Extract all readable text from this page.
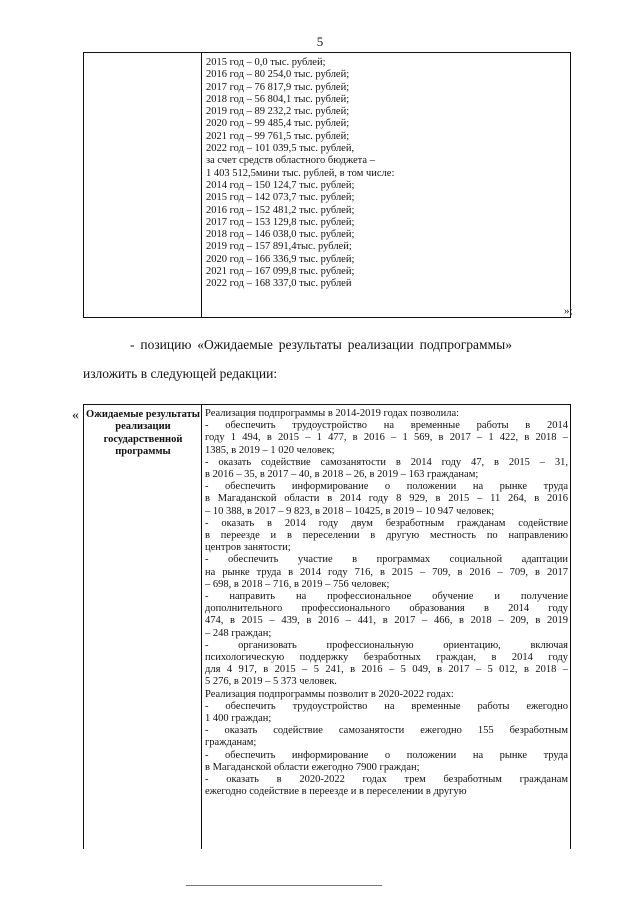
5
2015 год – 0,0 тыс. рублей;
2016 год – 80 254,0 тыс. рублей;
2017 год – 76 817,9 тыс. рублей;
2018 год – 56 804,1 тыс. рублей;
2019 год – 89 232,2 тыс. рублей;
2020 год – 99 485,4 тыс. рублей;
2021 год – 99 761,5 тыс. рублей;
2022 год – 101 039,5 тыс. рублей,
за счет средств областного бюджета –
1 403 512,5мини тыс. рублей, в том числе:
2014 год – 150 124,7 тыс. рублей;
2015 год – 142 073,7 тыс. рублей;
2016 год – 152 481,2 тыс. рублей;
2017 год – 153 129,8 тыс. рублей;
2018 год – 146 038,0 тыс. рублей;
2019 год – 157 891,4тыс. рублей;
2020 год – 166 336,9 тыс. рублей;
2021 год – 167 099,8 тыс. рублей;
2022 год – 168 337,0 тыс. рублей
»;
- позицию «Ожидаемые результаты реализации подпрограммы»
изложить в следующей редакции:
« Ожидаемые результаты реализации государственной программы
Реализация подпрограммы в 2014-2019 годах позволила:
- обеспечить трудоустройство на временные работы в 2014
году 1 494, в 2015 – 1 477, в 2016 – 1 569, в 2017 – 1 422, в 2018 –
1385, в 2019 – 1 020 человек;
- оказать содействие самозанятости в 2014 году 47, в 2015 – 31,
в 2016 – 35, в 2017 – 40, в 2018 – 26, в 2019 – 163 гражданам;
- обеспечить информирование о положении на рынке труда
в Магаданской области в 2014 году 8 929, в 2015 – 11 264, в 2016
– 10 388, в 2017 – 9 823, в 2018 – 10425, в 2019 – 10 947 человек;
- оказать в 2014 году двум безработным гражданам содействие
в переезде и в переселении в другую местность по направлению
центров занятости;
- обеспечить участие в программах социальной адаптации
на рынке труда в 2014 году 716, в 2015 – 709, в 2016 – 709, в 2017
– 698, в 2018 – 716, в 2019 – 756 человек;
- направить на профессиональное обучение и получение
дополнительного профессионального образования в 2014 году
474, в 2015 – 439, в 2016 – 441, в 2017 – 466, в 2018 – 209, в 2019
– 248 граждан;
- организовать профессиональную ориентацию, включая
психологическую поддержку безработных граждан, в 2014 году
для 4 917, в 2015 – 5 241, в 2016 – 5 049, в 2017 – 5 012, в 2018 –
5 276, в 2019 – 5 373 человек.
Реализация подпрограммы позволит в 2020-2022 годах:
- обеспечить трудоустройство на временные работы ежегодно
1 400 граждан;
- оказать содействие самозанятости ежегодно 155 безработным
гражданам;
- обеспечить информирование о положении на рынке труда
в Магаданской области ежегодно 7900 граждан;
- оказать в 2020-2022 годах трем безработным гражданам
ежегодно содействие в переезде и в переселении в другую
